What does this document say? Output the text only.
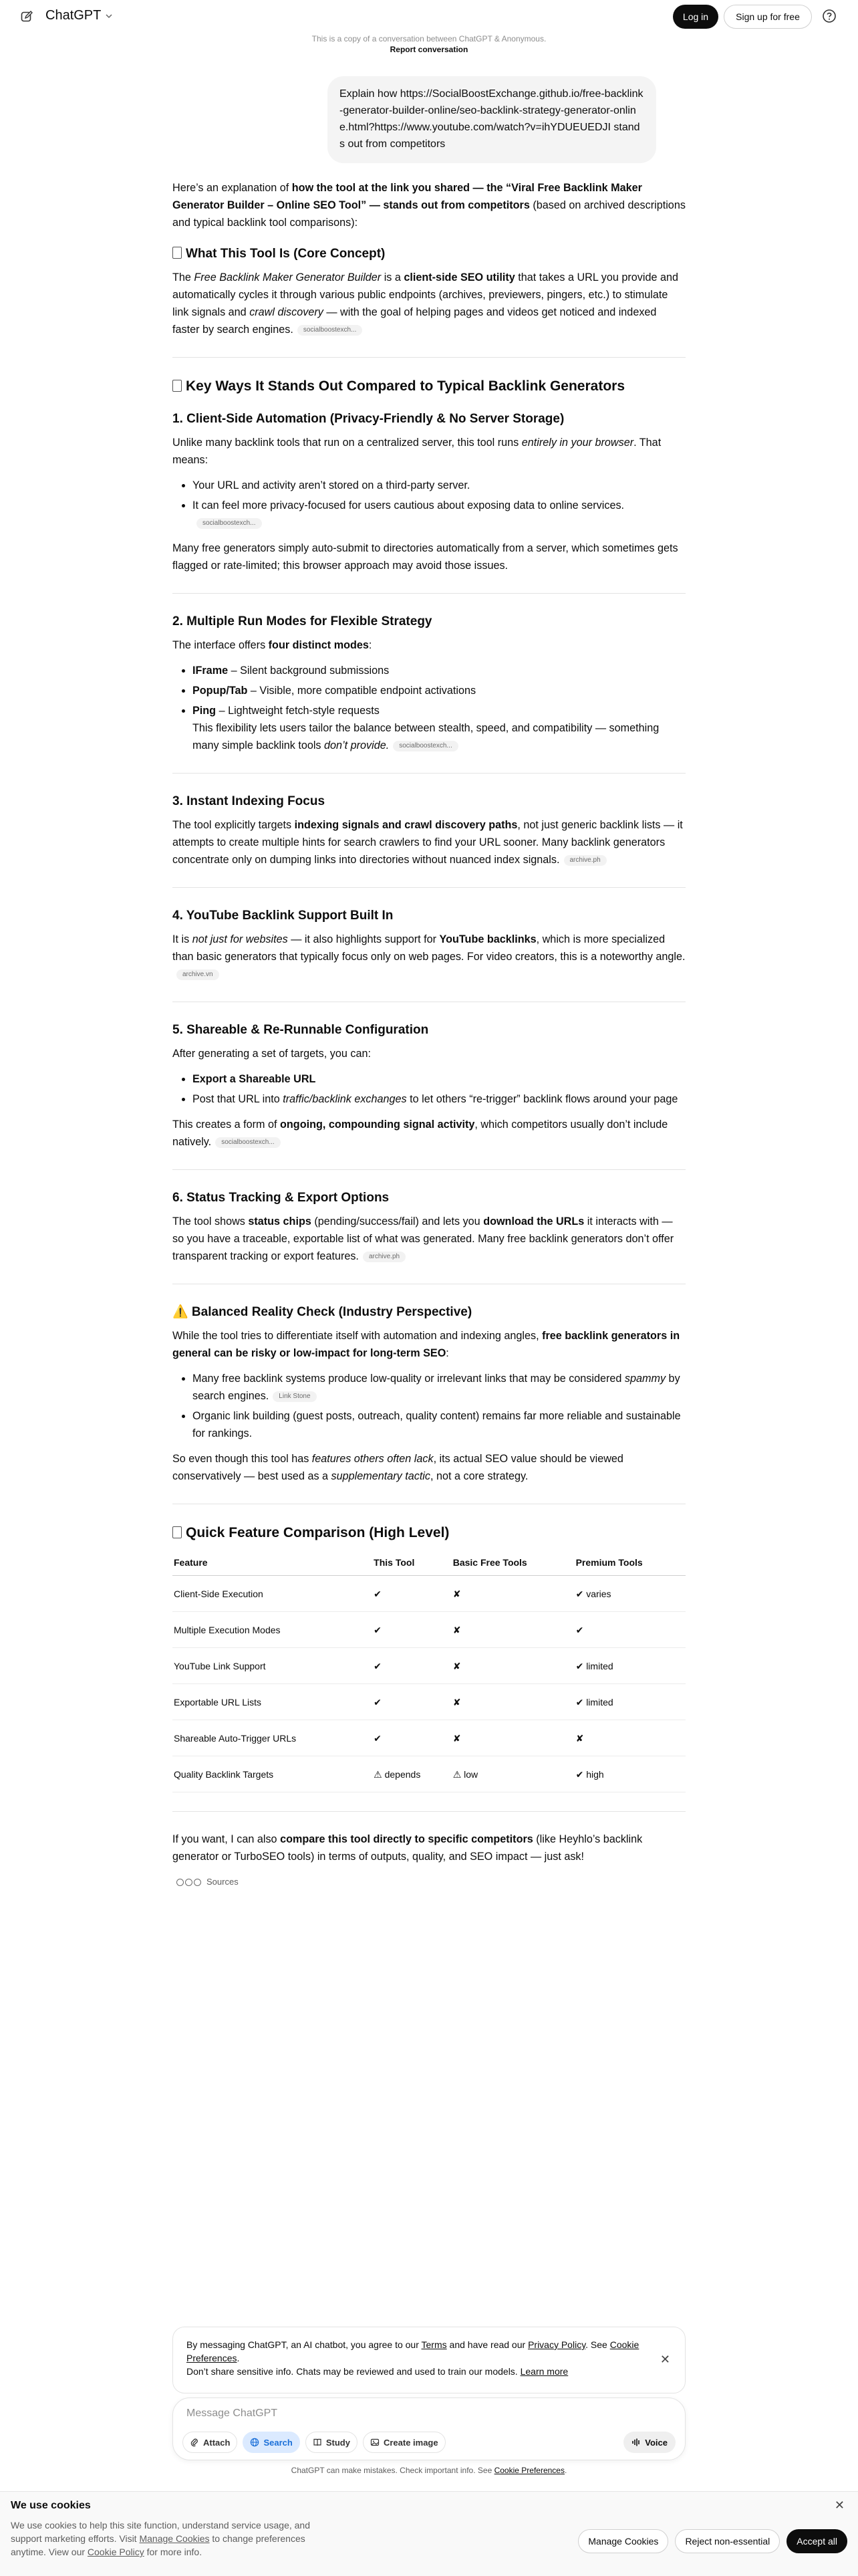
ChatGPT	Log in	Sign up for free
This is a copy of a conversation between ChatGPT & Anonymous.
Report conversation
Explain how https://SocialBoostExchange.github.io/free-backlink-generator-builder-online/seo-backlink-strategy-generator-online.html?https://www.youtube.com/watch?v=ihYDUEUEDJI stands out from competitors

Here’s an explanation of how the tool at the link you shared — the “Viral Free Backlink Maker Generator Builder – Online SEO Tool” — stands out from competitors (based on archived descriptions and typical backlink tool comparisons):

What This Tool Is (Core Concept)

The Free Backlink Maker Generator Builder is a client-side SEO utility that takes a URL you provide and automatically cycles it through various public endpoints (archives, previewers, pingers, etc.) to stimulate link signals and crawl discovery — with the goal of helping pages and videos get noticed and indexed faster by search engines. socialboostexch...

Key Ways It Stands Out Compared to Typical Backlink Generators
1. Client-Side Automation (Privacy-Friendly & No Server Storage)

Unlike many backlink tools that run on a centralized server, this tool runs entirely in your browser. That means:

• Your URL and activity aren’t stored on a third-party server.
• It can feel more privacy-focused for users cautious about exposing data to online services.
socialboostexch...

Many free generators simply auto-submit to directories automatically from a server, which sometimes gets flagged or rate-limited; this browser approach may avoid those issues.

2. Multiple Run Modes for Flexible Strategy

The interface offers four distinct modes:

• IFrame – Silent background submissions
• Popup/Tab – Visible, more compatible endpoint activations
• Ping – Lightweight fetch-style requests
This flexibility lets users tailor the balance between stealth, speed, and compatibility — something many simple backlink tools don’t provide. socialboostexch...
3. Instant Indexing Focus

The tool explicitly targets indexing signals and crawl discovery paths, not just generic backlink lists — it attempts to create multiple hints for search crawlers to find your URL sooner. Many backlink generators concentrate only on dumping links into directories without nuanced index signals. archive.ph

4. YouTube Backlink Support Built In

It is not just for websites — it also highlights support for YouTube backlinks, which is more specialized than basic generators that typically focus only on web pages. For video creators, this is a noteworthy angle.archive.vn

5. Shareable & Re-Runnable Configuration

After generating a set of targets, you can:

• Export a Shareable URL
• Post that URL into traffic/backlink exchanges to let others “re-trigger” backlink flows around your page

This creates a form of ongoing, compounding signal activity, which competitors usually don’t include natively. socialboostexch...

6. Status Tracking & Export Options

The tool shows status chips (pending/success/fail) and lets you download the URLs it interacts with — so you have a traceable, exportable list of what was generated. Many free backlink generators don’t offer transparent tracking or export features. archive.ph

⚠️ Balanced Reality Check (Industry Perspective)

While the tool tries to differentiate itself with automation and indexing angles, free backlink generators in general can be risky or low-impact for long-term SEO:

• Many free backlink systems produce low-quality or irrelevant links that may be considered spammy by search engines. Link Stone
• Organic link building (guest posts, outreach, quality content) remains far more reliable and sustainable for rankings.

So even though this tool has features others often lack, its actual SEO value should be viewed conservatively — best used as a supplementary tactic, not a core strategy.

Quick Feature Comparison (High Level)
Feature	This Tool	Basic Free Tools	Premium Tools
Client-Side Execution	✔	✘	✔ varies
Multiple Execution Modes	✔	✘	✔
YouTube Link Support	✔	✘	✔ limited
Exportable URL Lists	✔	✘	✔ limited
Shareable Auto-Trigger URLs	✔	✘	✘
Quality Backlink Targets	⚠ depends	⚠ low	✔ high

If you want, I can also compare this tool directly to specific competitors (like Heyhlo’s backlink generator or TurboSEO tools) in terms of outputs, quality, and SEO impact — just ask!

Sources
By messaging ChatGPT, an AI chatbot, you agree to our Terms and have read our Privacy Policy. See Cookie Preferences.
Don’t share sensitive info. Chats may be reviewed and used to train our models. Learn more
✕
Message ChatGPT
Attach	Search	Study	Create image	Voice
ChatGPT can make mistakes. Check important info. See Cookie Preferences.
We use cookies	✕
We use cookies to help this site function, understand service usage, and support marketing efforts. Visit Manage Cookies to change preferences anytime. View our Cookie Policy for more info.
Manage Cookies	Reject non-essential	Accept all
